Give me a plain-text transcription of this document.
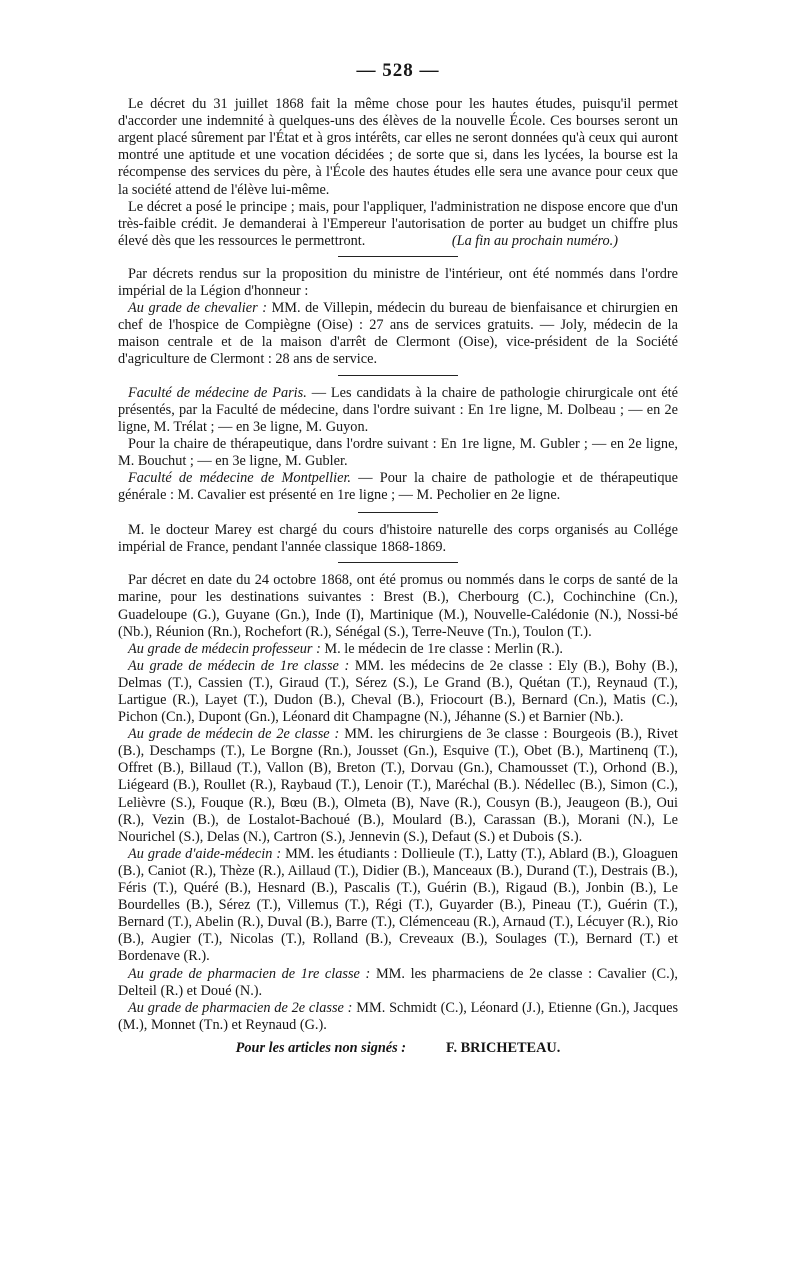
— 528 —

Le décret du 31 juillet 1868 fait la même chose pour les hautes études, puisqu'il permet d'accorder une indemnité à quelques-uns des élèves de la nouvelle École. Ces bourses seront un argent placé sûrement par l'État et à gros intérêts, car elles ne seront données qu'à ceux qui auront montré une aptitude et une vocation décidées ; de sorte que si, dans les lycées, la bourse est la récompense des services du père, à l'École des hautes études elle sera une avance pour ceux que la société attend de l'élève lui-même.

Le décret a posé le principe ; mais, pour l'appliquer, l'administration ne dispose encore que d'un très-faible crédit. Je demanderai à l'Empereur l'autorisation de porter au budget un chiffre plus élevé dès que les ressources le permettront.	(La fin au prochain numéro.)

Par décrets rendus sur la proposition du ministre de l'intérieur, ont été nommés dans l'ordre impérial de la Légion d'honneur :

Au grade de chevalier : MM. de Villepin, médecin du bureau de bienfaisance et chirurgien en chef de l'hospice de Compiègne (Oise) : 27 ans de services gratuits. — Joly, médecin de la maison centrale et de la maison d'arrêt de Clermont (Oise), vice-président de la Société d'agriculture de Clermont : 28 ans de service.

Faculté de médecine de Paris. — Les candidats à la chaire de pathologie chirurgicale ont été présentés, par la Faculté de médecine, dans l'ordre suivant : En 1re ligne, M. Dolbeau ; — en 2e ligne, M. Trélat ; — en 3e ligne, M. Guyon.

Pour la chaire de thérapeutique, dans l'ordre suivant : En 1re ligne, M. Gubler ; — en 2e ligne, M. Bouchut ; — en 3e ligne, M. Gubler.

Faculté de médecine de Montpellier. — Pour la chaire de pathologie et de thérapeutique générale : M. Cavalier est présenté en 1re ligne ; — M. Pecholier en 2e ligne.

M. le docteur Marey est chargé du cours d'histoire naturelle des corps organisés au Collége impérial de France, pendant l'année classique 1868-1869.

Par décret en date du 24 octobre 1868, ont été promus ou nommés dans le corps de santé de la marine, pour les destinations suivantes : Brest (B.), Cherbourg (C.), Cochinchine (Cn.), Guadeloupe (G.), Guyane (Gn.), Inde (I), Martinique (M.), Nouvelle-Calédonie (N.), Nossi-bé (Nb.), Réunion (Rn.), Rochefort (R.), Sénégal (S.), Terre-Neuve (Tn.), Toulon (T.).

Au grade de médecin professeur : M. le médecin de 1re classe : Merlin (R.).

Au grade de médecin de 1re classe : MM. les médecins de 2e classe : Ely (B.), Bohy (B.), Delmas (T.), Cassien (T.), Giraud (T.), Sérez (S.), Le Grand (B.), Quétan (T.), Reynaud (T.), Lartigue (R.), Layet (T.), Dudon (B.), Cheval (B.), Friocourt (B.), Bernard (Cn.), Matis (C.), Pichon (Cn.), Dupont (Gn.), Léonard dit Champagne (N.), Jéhanne (S.) et Barnier (Nb.).

Au grade de médecin de 2e classe : MM. les chirurgiens de 3e classe : Bourgeois (B.), Rivet (B.), Deschamps (T.), Le Borgne (Rn.), Jousset (Gn.), Esquive (T.), Obet (B.), Martinenq (T.), Offret (B.), Billaud (T.), Vallon (B), Breton (T.), Dorvau (Gn.), Chamousset (T.), Orhond (B.), Liégeard (B.), Roullet (R.), Raybaud (T.), Lenoir (T.), Maréchal (B.). Nédellec (B.), Simon (C.), Lelièvre (S.), Fouque (R.), Bœu (B.), Olmeta (B), Nave (R.), Cousyn (B.), Jeaugeon (B.), Oui (R.), Vezin (B.), de Lostalot-Bachoué (B.), Moulard (B.), Carassan (B.), Morani (N.), Le Nourichel (S.), Delas (N.), Cartron (S.), Jennevin (S.), Defaut (S.) et Dubois (S.).

Au grade d'aide-médecin : MM. les étudiants : Dollieule (T.), Latty (T.), Ablard (B.), Gloaguen (B.), Caniot (R.), Thèze (R.), Aillaud (T.), Didier (B.), Manceaux (B.), Durand (T.), Destrais (B.), Féris (T.), Quéré (B.), Hesnard (B.), Pascalis (T.), Guérin (B.), Rigaud (B.), Jonbin (B.), Le Bourdelles (B.), Sérez (T.), Villemus (T.), Régi (T.), Guyarder (B.), Pineau (T.), Guérin (T.), Bernard (T.), Abelin (R.), Duval (B.), Barre (T.), Clémenceau (R.), Arnaud (T.), Lécuyer (R.), Rio (B.), Augier (T.), Nicolas (T.), Rolland (B.), Creveaux (B.), Soulages (T.), Bernard (T.) et Bordenave (R.).

Au grade de pharmacien de 1re classe : MM. les pharmaciens de 2e classe : Cavalier (C.), Delteil (R.) et Doué (N.).

Au grade de pharmacien de 2e classe : MM. Schmidt (C.), Léonard (J.), Etienne (Gn.), Jacques (M.), Monnet (Tn.) et Reynaud (G.).

Pour les articles non signés :	F. BRICHETEAU.
